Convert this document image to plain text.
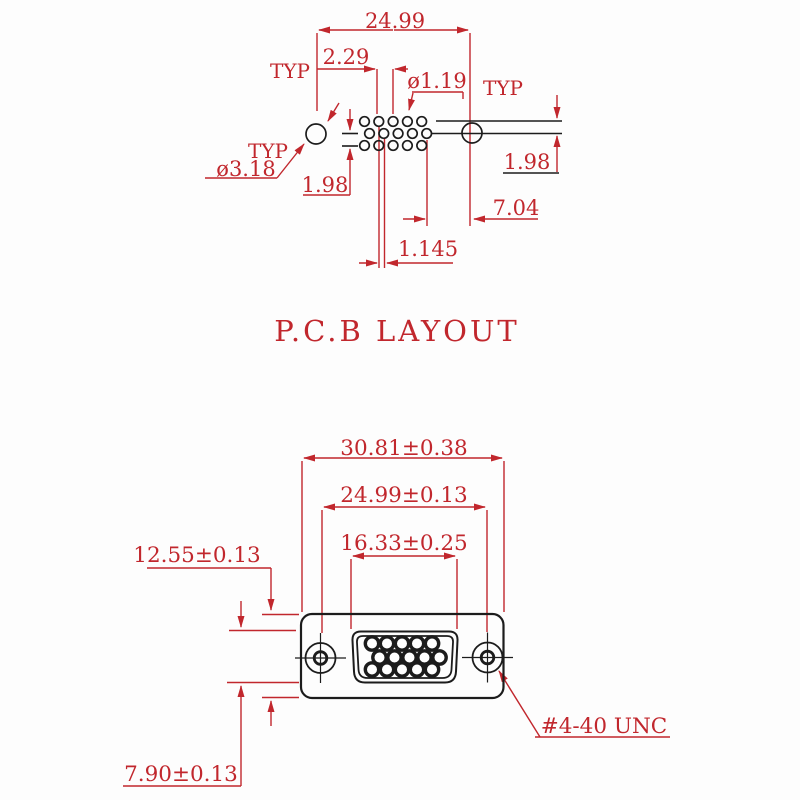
24.99
TYP
2.29
ø1.19 TYP
TYP
ø3.18
1.98
1.98
7.04
1.145
P.C.B LAYOUT
30.81±0.38
24.99±0.13
16.33±0.25
12.55±0.13
7.90±0.13
#4-40 UNC
